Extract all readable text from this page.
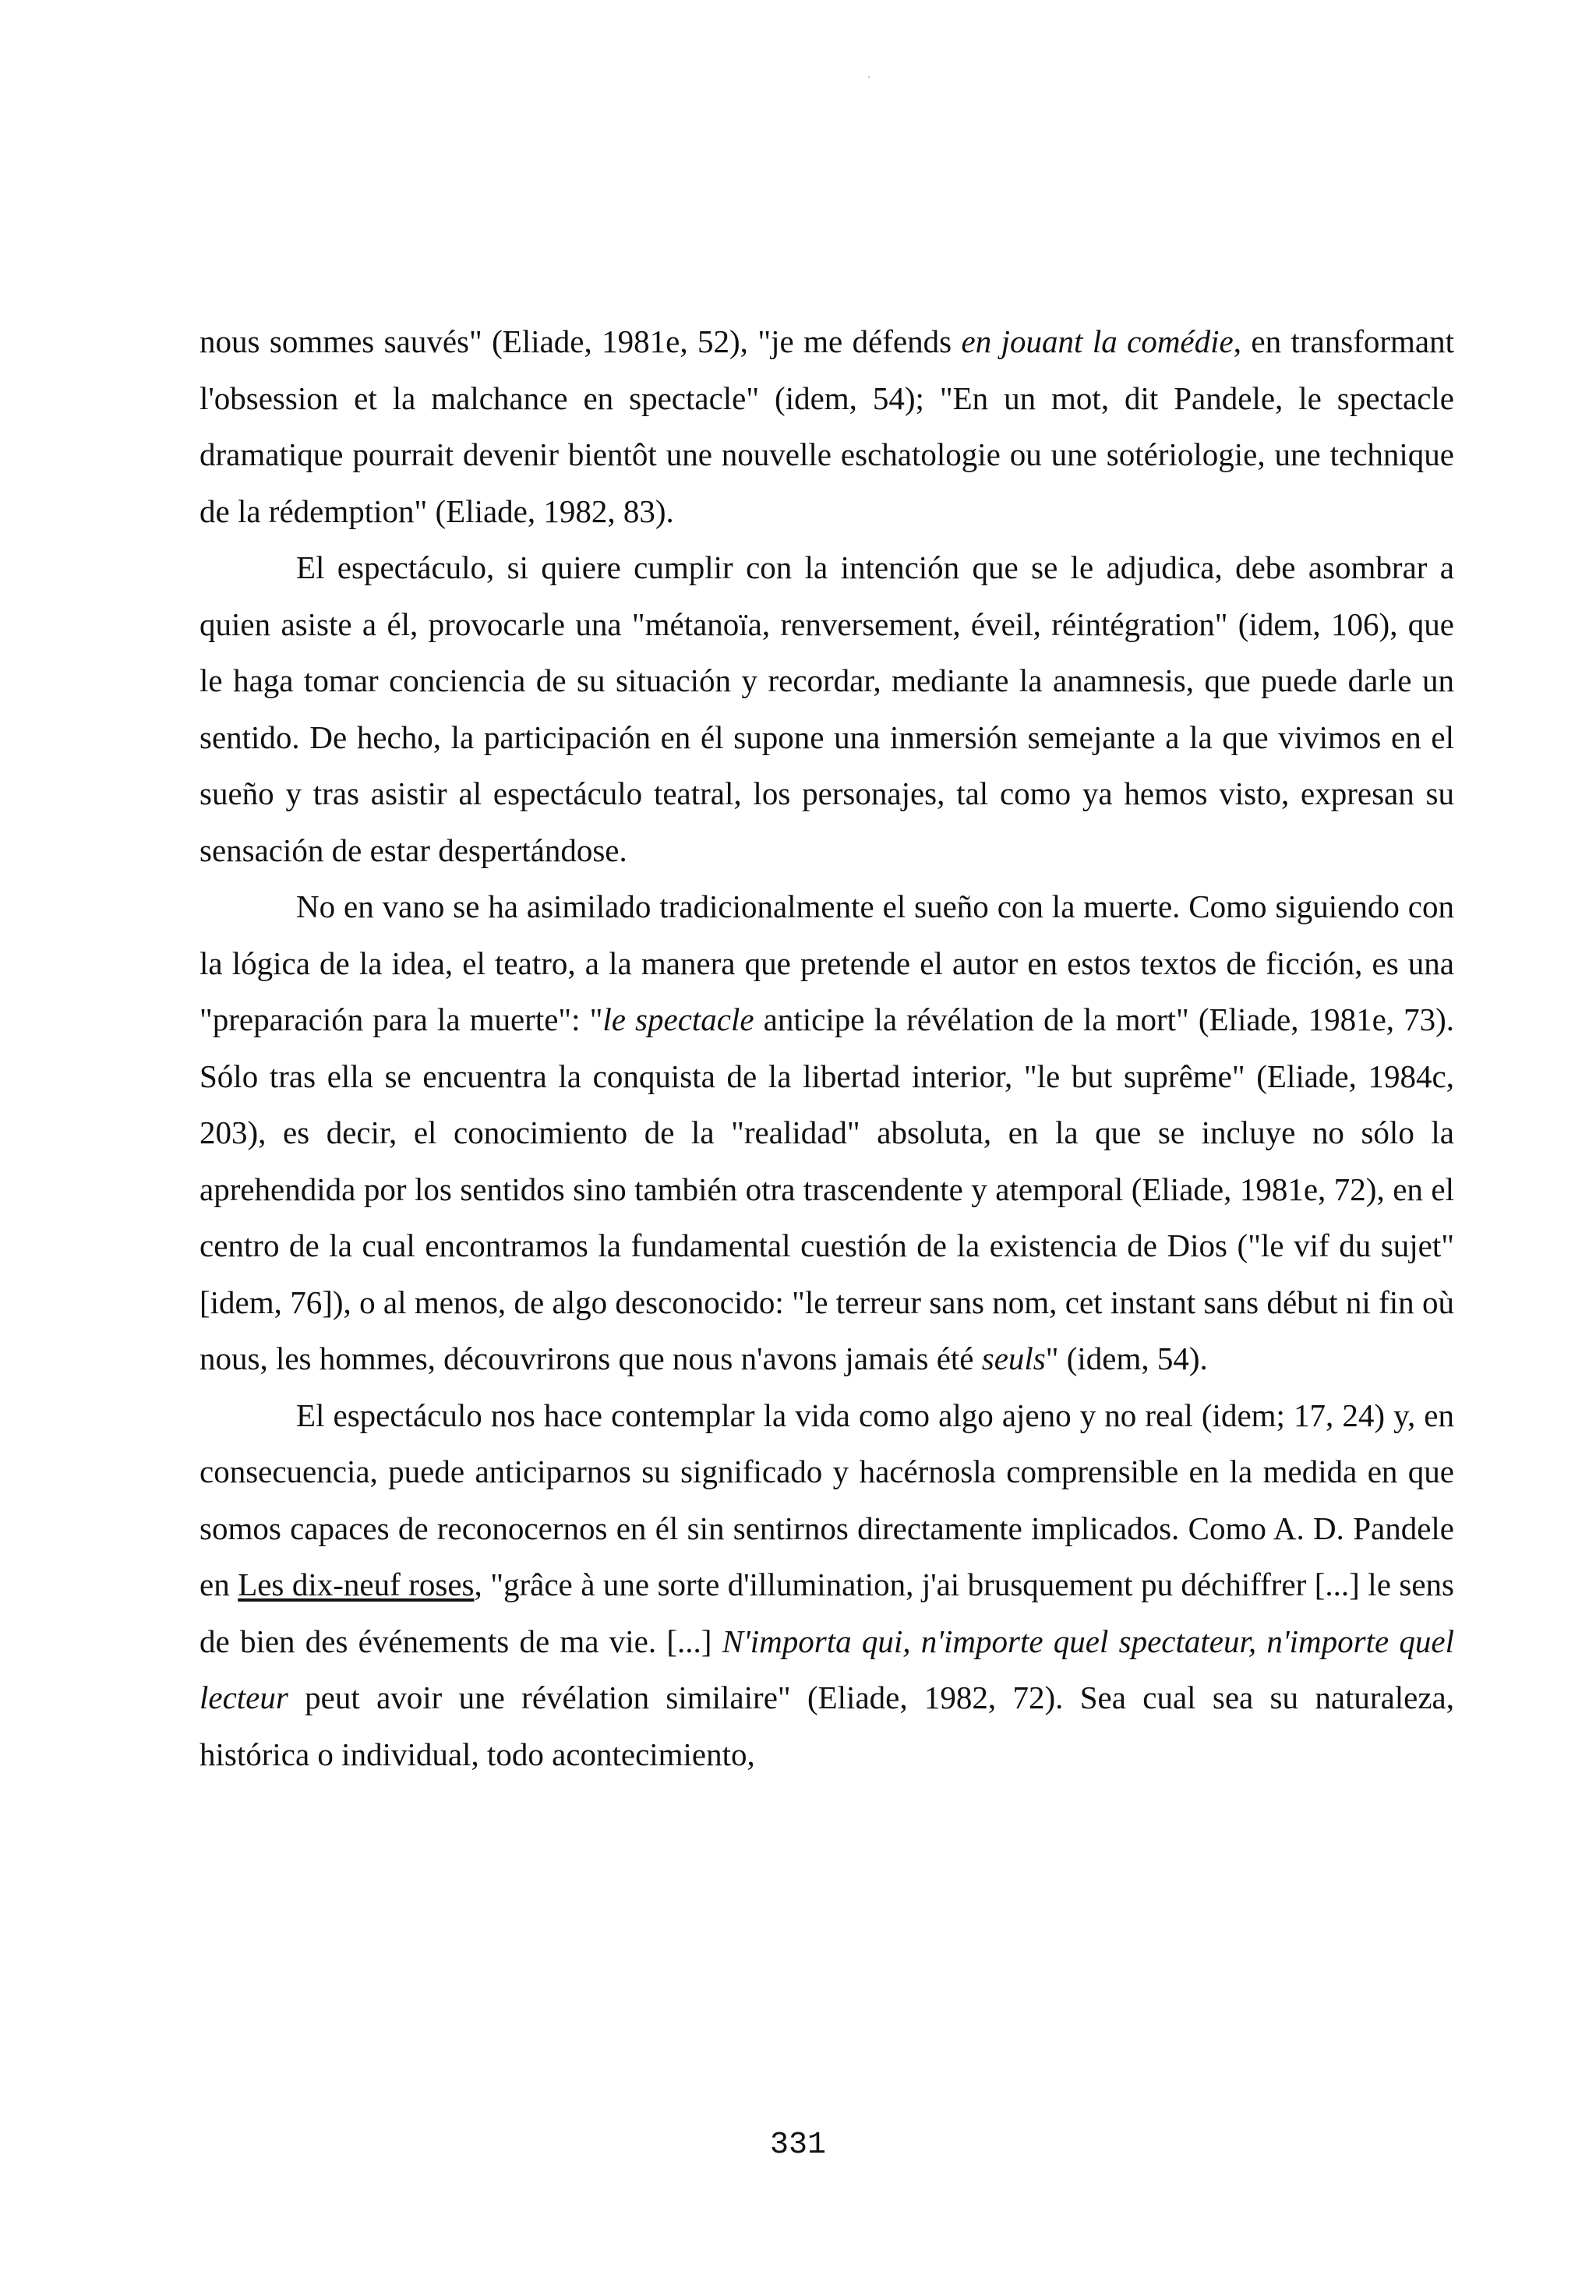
nous sommes sauvés" (Eliade, 1981e, 52), "je me défends en jouant la comédie, en transformant l'obsession et la malchance en spectacle" (idem, 54); "En un mot, dit Pandele, le spectacle dramatique pourrait devenir bientôt une nouvelle eschatologie ou une sotériologie, une technique de la rédemption" (Eliade, 1982, 83).

El espectáculo, si quiere cumplir con la intención que se le adjudica, debe asombrar a quien asiste a él, provocarle una "métanoïa, renversement, éveil, réintégration" (idem, 106), que le haga tomar conciencia de su situación y recordar, mediante la anamnesis, que puede darle un sentido. De hecho, la participación en él supone una inmersión semejante a la que vivimos en el sueño y tras asistir al espectáculo teatral, los personajes, tal como ya hemos visto, expresan su sensación de estar despertándose.

No en vano se ha asimilado tradicionalmente el sueño con la muerte. Como siguiendo con la lógica de la idea, el teatro, a la manera que pretende el autor en estos textos de ficción, es una "preparación para la muerte": "le spectacle anticipe la révélation de la mort" (Eliade, 1981e, 73). Sólo tras ella se encuentra la conquista de la libertad interior, "le but suprême" (Eliade, 1984c, 203), es decir, el conocimiento de la "realidad" absoluta, en la que se incluye no sólo la aprehendida por los sentidos sino también otra trascendente y atemporal (Eliade, 1981e, 72), en el centro de la cual encontramos la fundamental cuestión de la existencia de Dios ("le vif du sujet" [idem, 76]), o al menos, de algo desconocido: "le terreur sans nom, cet instant sans début ni fin où nous, les hommes, découvrirons que nous n'avons jamais été seuls" (idem, 54).

El espectáculo nos hace contemplar la vida como algo ajeno y no real (idem; 17, 24) y, en consecuencia, puede anticiparnos su significado y hacérnosla comprensible en la medida en que somos capaces de reconocernos en él sin sentirnos directamente implicados. Como A. D. Pandele en Les dix-neuf roses, "grâce à une sorte d'illumination, j'ai brusquement pu déchiffrer [...] le sens de bien des événements de ma vie. [...] N'importa qui, n'importe quel spectateur, n'importe quel lecteur peut avoir une révélation similaire" (Eliade, 1982, 72). Sea cual sea su naturaleza, histórica o individual, todo acontecimiento,

331
